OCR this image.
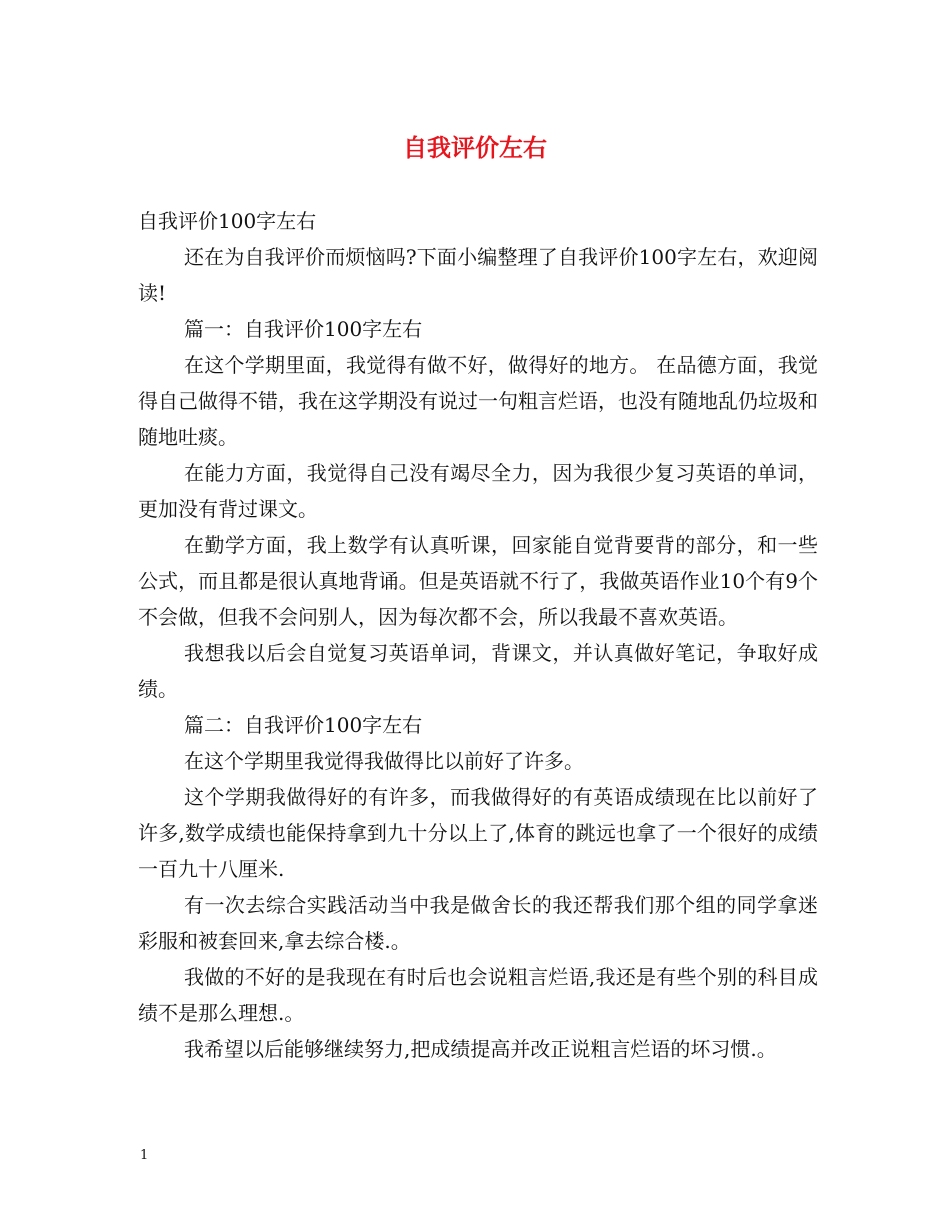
自我评价左右

自我评价100字左右

还在为自我评价而烦恼吗?下面小编整理了自我评价100字左右，欢迎阅读!

篇一：自我评价100字左右

在这个学期里面，我觉得有做不好，做得好的地方。 在品德方面，我觉得自己做得不错，我在这学期没有说过一句粗言烂语，也没有随地乱仍垃圾和随地吐痰。

在能力方面，我觉得自己没有竭尽全力，因为我很少复习英语的单词，更加没有背过课文。

在勤学方面，我上数学有认真听课，回家能自觉背要背的部分，和一些公式，而且都是很认真地背诵。但是英语就不行了，我做英语作业10个有9个不会做，但我不会问别人，因为每次都不会，所以我最不喜欢英语。

我想我以后会自觉复习英语单词，背课文，并认真做好笔记，争取好成绩。

篇二：自我评价100字左右

在这个学期里我觉得我做得比以前好了许多。

这个学期我做得好的有许多，而我做得好的有英语成绩现在比以前好了许多,数学成绩也能保持拿到九十分以上了,体育的跳远也拿了一个很好的成绩一百九十八厘米.

有一次去综合实践活动当中我是做舍长的我还帮我们那个组的同学拿迷彩服和被套回来,拿去综合楼.。

我做的不好的是我现在有时后也会说粗言烂语,我还是有些个别的科目成绩不是那么理想.。

我希望以后能够继续努力,把成绩提高并改正说粗言烂语的坏习惯.。

1
